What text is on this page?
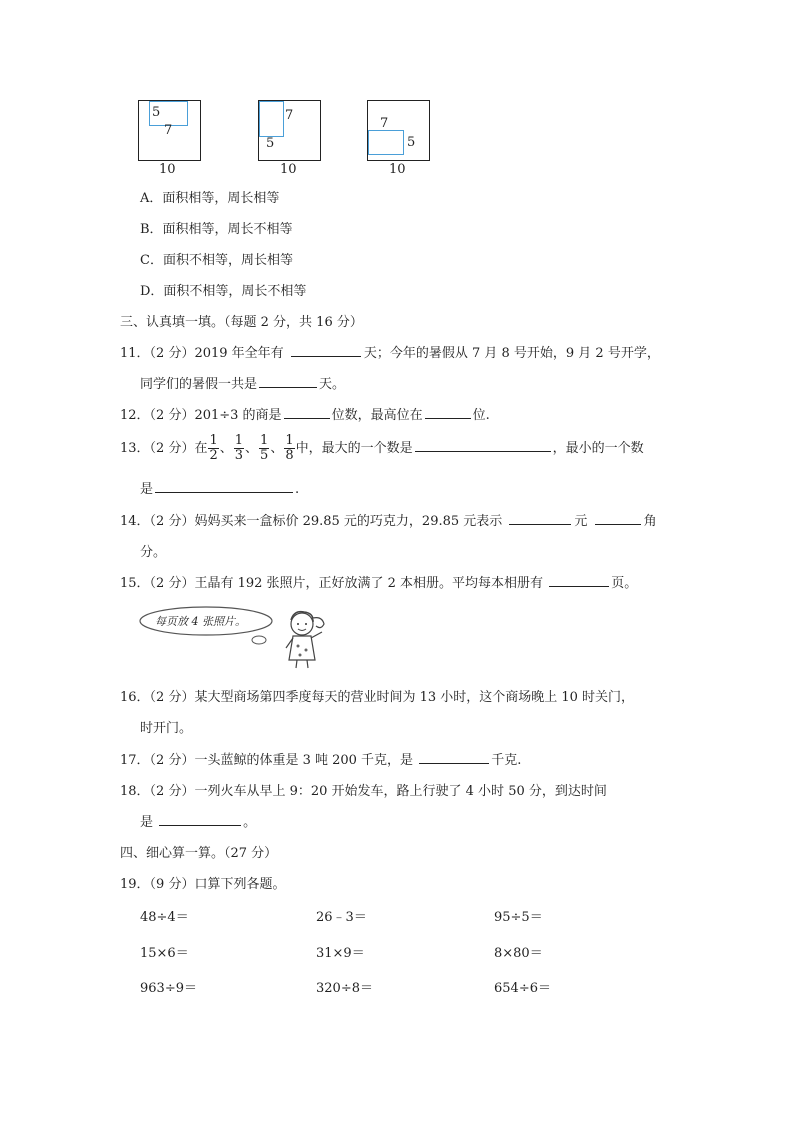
5
7
10
7
5
10
7
5
10
A．面积相等，周长相等
B．面积相等，周长不相等
C．面积不相等，周长相等
D．面积不相等，周长不相等
三、认真填一填。（每题 2 分，共 16 分）
11．（2 分）2019 年全年有	天；今年的暑假从 7 月 8 号开始，9 月 2 号开学，
同学们的暑假一共是	天。
12．（2 分）201÷3 的商是	位数，最高位在	位.
13．（2 分）在 $\frac{1}{2}$ 、 $\frac{1}{3}$ 、 $\frac{1}{5}$ 、 $\frac{1}{8}$ 中，最大的一个数是	，最小的一个数
是	.
14．（2 分）妈妈买来一盒标价 29.85 元的巧克力，29.85 元表示	元	角
分。
15．（2 分）王晶有 192 张照片，正好放满了 2 本相册。平均每本相册有	页。
每页放 4 张照片。
16．（2 分）某大型商场第四季度每天的营业时间为 13 小时，这个商场晚上 10 时关门，
时开门。
17．（2 分）一头蓝鲸的体重是 3 吨 200 千克，是	千克.
18．（2 分）一列火车从早上 9：20 开始发车，路上行驶了 4 小时 50 分，到达时间
是	。
四、细心算一算。（27 分）
19．（9 分）口算下列各题。
48÷4＝	26﹣3＝	95÷5＝
15×6＝	31×9＝	8×80＝
963÷9＝	320÷8＝	654÷6＝
